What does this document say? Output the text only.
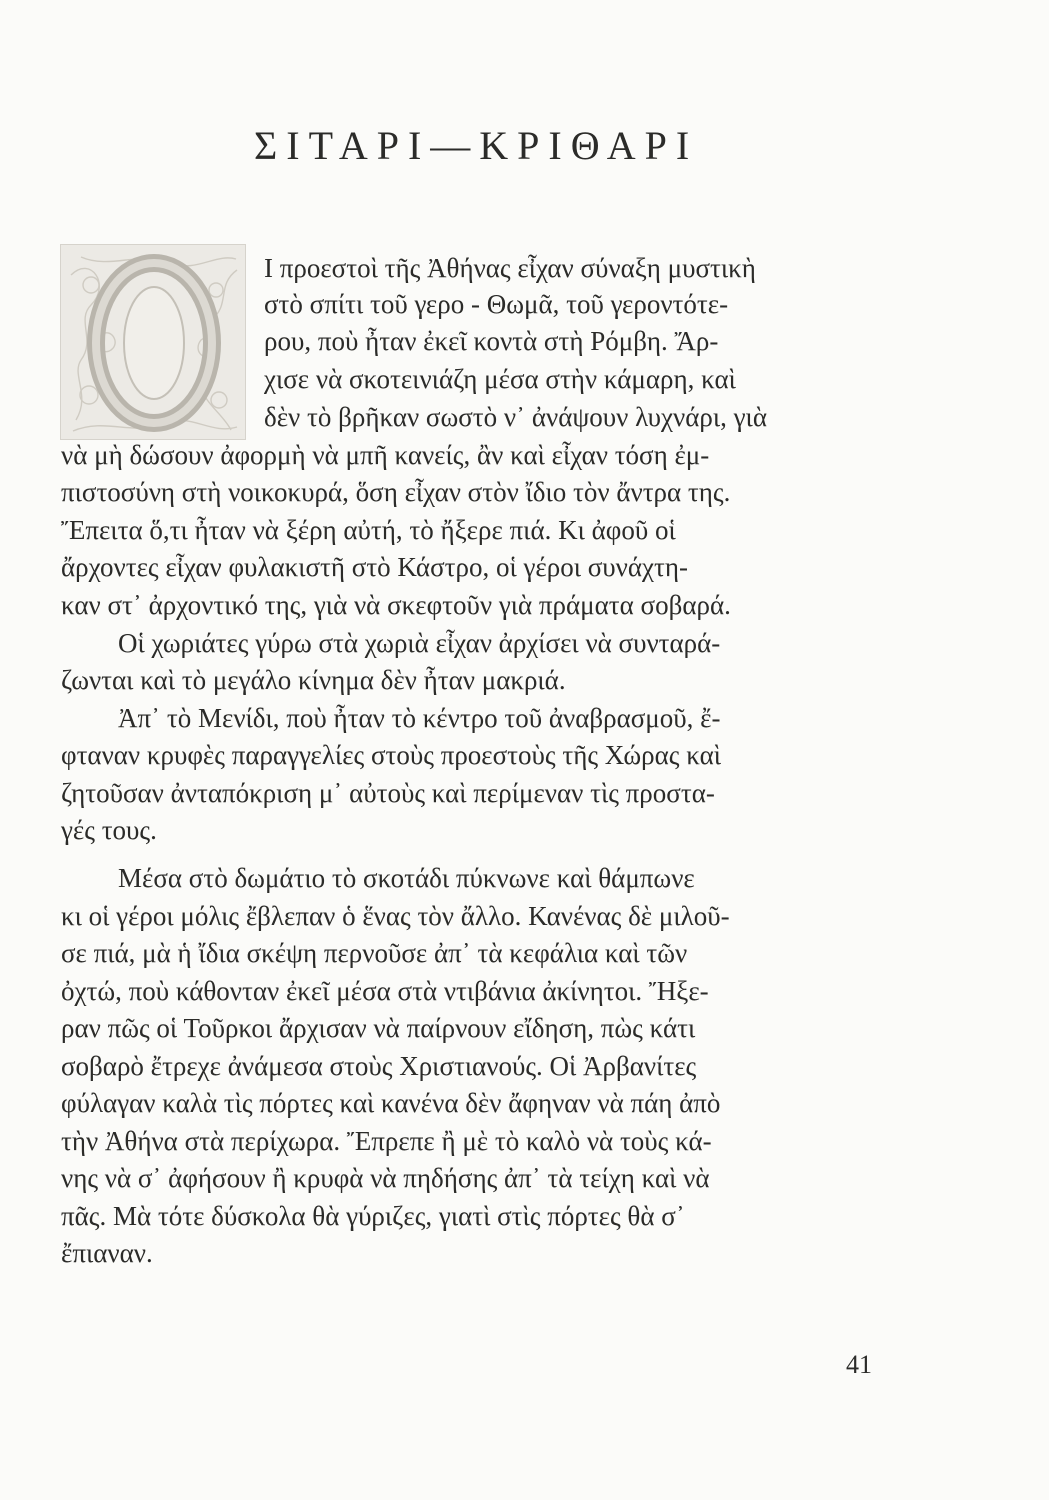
ΣΙΤΑΡΙ—ΚΡΙΘΑΡΙ
Ι προεστοὶ τῆς Ἀθήνας εἶχαν σύναξη μυστικὴ
στὸ σπίτι τοῦ γερο - Θωμᾶ, τοῦ γεροντότε-
ρου, ποὺ ἦταν ἐκεῖ κοντὰ στὴ Ρόμβη. Ἄρ-
χισε νὰ σκοτεινιάζη μέσα στὴν κάμαρη, καὶ
δὲν τὸ βρῆκαν σωστὸ ν᾽ ἀνάψουν λυχνάρι, γιὰ
νὰ μὴ δώσουν ἀφορμὴ νὰ μπῆ κανείς, ἂν καὶ εἶχαν τόση ἐμ-
πιστοσύνη στὴ νοικοκυρά, ὅση εἶχαν στὸν ἴδιο τὸν ἄντρα της.
Ἔπειτα ὅ,τι ἦταν νὰ ξέρη αὐτή, τὸ ἤξερε πιά. Κι ἀφοῦ οἱ
ἄρχοντες εἶχαν φυλακιστῆ στὸ Κάστρο, οἱ γέροι συνάχτη-
καν στ᾽ ἀρχοντικό της, γιὰ νὰ σκεφτοῦν γιὰ πράματα σοβαρά.
Οἱ χωριάτες γύρω στὰ χωριὰ εἶχαν ἀρχίσει νὰ συνταρά-
ζωνται καὶ τὸ μεγάλο κίνημα δὲν ἦταν μακριά.
Ἀπ᾽ τὸ Μενίδι, ποὺ ἦταν τὸ κέντρο τοῦ ἀναβρασμοῦ, ἔ-
φταναν κρυφὲς παραγγελίες στοὺς προεστοὺς τῆς Χώρας καὶ
ζητοῦσαν ἀνταπόκριση μ᾽ αὐτοὺς καὶ περίμεναν τὶς προστα-
γές τους.
Μέσα στὸ δωμάτιο τὸ σκοτάδι πύκνωνε καὶ θάμπωνε
κι οἱ γέροι μόλις ἔβλεπαν ὁ ἕνας τὸν ἄλλο. Κανένας δὲ μιλοῦ-
σε πιά, μὰ ἡ ἴδια σκέψη περνοῦσε ἀπ᾽ τὰ κεφάλια καὶ τῶν
ὀχτώ, ποὺ κάθονταν ἐκεῖ μέσα στὰ ντιβάνια ἀκίνητοι. Ἤξε-
ραν πῶς οἱ Τοῦρκοι ἄρχισαν νὰ παίρνουν εἴδηση, πὼς κάτι
σοβαρὸ ἔτρεχε ἀνάμεσα στοὺς Χριστιανούς. Οἱ Ἀρβανίτες
φύλαγαν καλὰ τὶς πόρτες καὶ κανένα δὲν ἄφηναν νὰ πάη ἀπὸ
τὴν Ἀθήνα στὰ περίχωρα. Ἔπρεπε ἢ μὲ τὸ καλὸ νὰ τοὺς κά-
νης νὰ σ᾽ ἀφήσουν ἢ κρυφὰ νὰ πηδήσης ἀπ᾽ τὰ τείχη καὶ νὰ
πᾶς. Μὰ τότε δύσκολα θὰ γύριζες, γιατὶ στὶς πόρτες θὰ σ᾽
ἔπιαναν.
41
